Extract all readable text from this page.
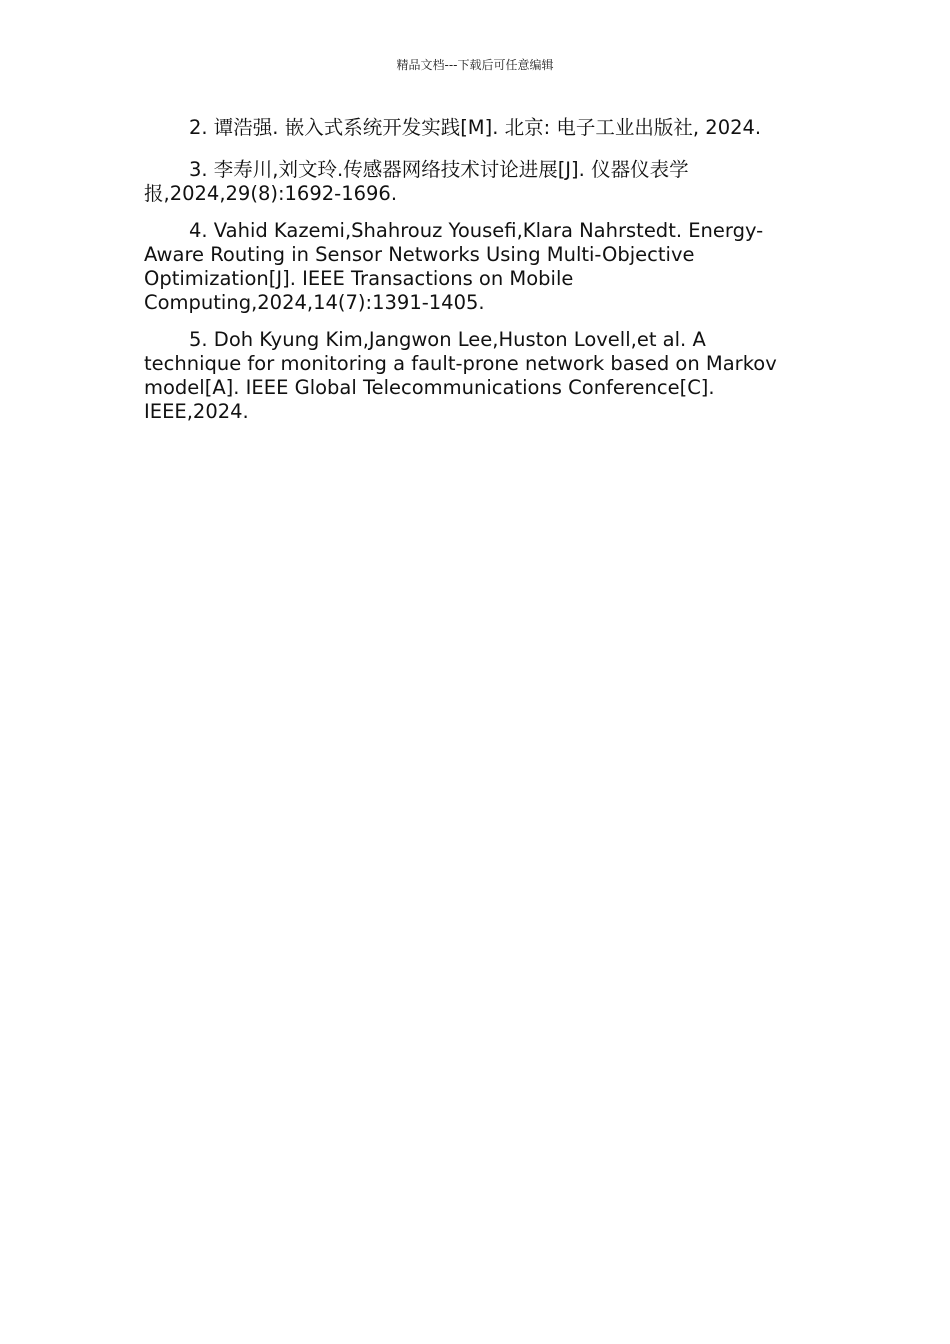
精品文档---下载后可任意编辑

2. 谭浩强. 嵌入式系统开发实践[M]. 北京: 电子工业出版社, 2024.

3. 李寿川,刘文玲.传感器网络技术讨论进展[J]. 仪器仪表学报,2024,29(8):1692-1696.

4. Vahid Kazemi,Shahrouz Yousefi,Klara Nahrstedt. Energy-Aware Routing in Sensor Networks Using Multi-Objective Optimization[J]. IEEE Transactions on Mobile Computing,2024,14(7):1391-1405.

5. Doh Kyung Kim,Jangwon Lee,Huston Lovell,et al. A technique for monitoring a fault-prone network based on Markov model[A]. IEEE Global Telecommunications Conference[C]. IEEE,2024.
